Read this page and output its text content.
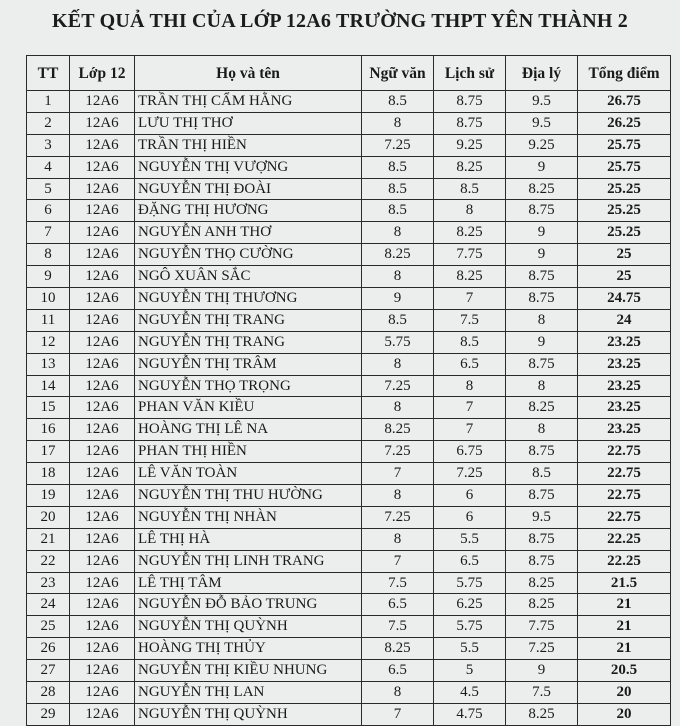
KẾT QUẢ THI CỦA LỚP 12A6 TRƯỜNG THPT YÊN THÀNH 2
TT	Lớp 12	Họ và tên	Ngữ văn	Lịch sử	Địa lý	Tổng điểm
1	12A6	TRẦN THỊ CẨM HẰNG	8.5	8.75	9.5	26.75
2	12A6	LƯU THỊ THƠ	8	8.75	9.5	26.25
3	12A6	TRẦN THỊ HIỀN	7.25	9.25	9.25	25.75
4	12A6	NGUYỄN THỊ VƯỢNG	8.5	8.25	9	25.75
5	12A6	NGUYỄN THỊ ĐOÀI	8.5	8.5	8.25	25.25
6	12A6	ĐẶNG THỊ HƯƠNG	8.5	8	8.75	25.25
7	12A6	NGUYỄN ANH THƠ	8	8.25	9	25.25
8	12A6	NGUYỄN THỌ CƯỜNG	8.25	7.75	9	25
9	12A6	NGÔ XUÂN SẮC	8	8.25	8.75	25
10	12A6	NGUYỄN THỊ THƯƠNG	9	7	8.75	24.75
11	12A6	NGUYỄN THỊ TRANG	8.5	7.5	8	24
12	12A6	NGUYỄN THỊ TRANG	5.75	8.5	9	23.25
13	12A6	NGUYỄN THỊ TRÂM	8	6.5	8.75	23.25
14	12A6	NGUYỄN THỌ TRỌNG	7.25	8	8	23.25
15	12A6	PHAN VĂN KIỀU	8	7	8.25	23.25
16	12A6	HOÀNG THỊ LÊ NA	8.25	7	8	23.25
17	12A6	PHAN THỊ HIỀN	7.25	6.75	8.75	22.75
18	12A6	LÊ VĂN TOÀN	7	7.25	8.5	22.75
19	12A6	NGUYỄN THỊ THU HƯỜNG	8	6	8.75	22.75
20	12A6	NGUYỄN THỊ NHÀN	7.25	6	9.5	22.75
21	12A6	LÊ THỊ HÀ	8	5.5	8.75	22.25
22	12A6	NGUYỄN THỊ LINH TRANG	7	6.5	8.75	22.25
23	12A6	LÊ THỊ TÂM	7.5	5.75	8.25	21.5
24	12A6	NGUYỄN ĐỖ BẢO TRUNG	6.5	6.25	8.25	21
25	12A6	NGUYỄN THỊ QUỲNH	7.5	5.75	7.75	21
26	12A6	HOÀNG THỊ THỦY	8.25	5.5	7.25	21
27	12A6	NGUYỄN THỊ KIỀU NHUNG	6.5	5	9	20.5
28	12A6	NGUYỄN THỊ LAN	8	4.5	7.5	20
29	12A6	NGUYỄN THỊ QUỲNH	7	4.75	8.25	20
